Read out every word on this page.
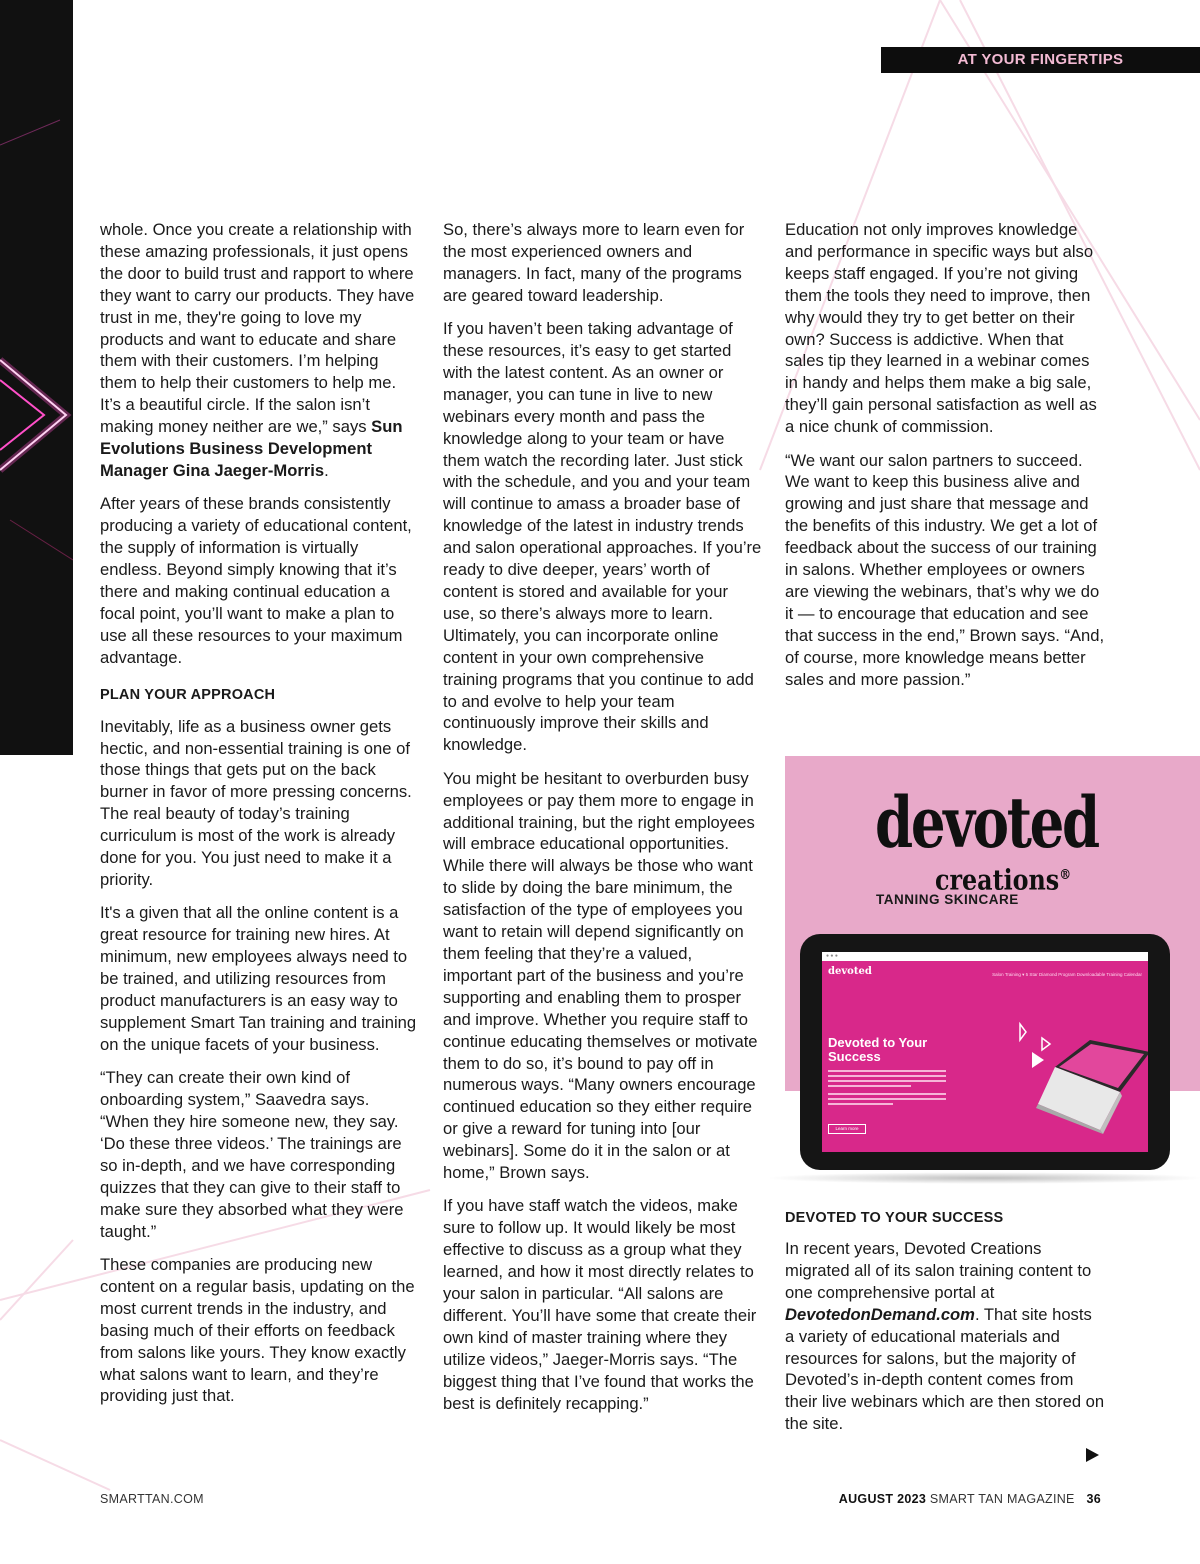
AT YOUR FINGERTIPS

whole. Once you create a relationship with these amazing professionals, it just opens the door to build trust and rapport to where they want to carry our products. They have trust in me, they're going to love my products and want to educate and share them with their customers. I’m helping them to help their customers to help me. It’s a beautiful circle. If the salon isn’t making money neither are we,” says Sun Evolutions Business Development Manager Gina Jaeger-Morris.

After years of these brands consistently producing a variety of educational content, the supply of information is virtually endless. Beyond simply knowing that it’s there and making continual education a focal point, you’ll want to make a plan to use all these resources to your maximum advantage.

PLAN YOUR APPROACH

Inevitably, life as a business owner gets hectic, and non-essential training is one of those things that gets put on the back burner in favor of more pressing concerns. The real beauty of today’s training curriculum is most of the work is already done for you. You just need to make it a priority.

It's a given that all the online content is a great resource for training new hires. At minimum, new employees always need to be trained, and utilizing resources from product manufacturers is an easy way to supplement Smart Tan training and training on the unique facets of your business.

“They can create their own kind of onboarding system,” Saavedra says. “When they hire someone new, they say. ‘Do these three videos.’ The trainings are so in-depth, and we have corresponding quizzes that they can give to their staff to make sure they absorbed what they were taught.”

These companies are producing new content on a regular basis, updating on the most current trends in the industry, and basing much of their efforts on feedback from salons like yours. They know exactly what salons want to learn, and they’re providing just that.

So, there’s always more to learn even for the most experienced owners and managers. In fact, many of the programs are geared toward leadership.

If you haven’t been taking advantage of these resources, it’s easy to get started with the latest content. As an owner or manager, you can tune in live to new webinars every month and pass the knowledge along to your team or have them watch the recording later. Just stick with the schedule, and you and your team will continue to amass a broader base of knowledge of the latest in industry trends and salon operational approaches. If you’re ready to dive deeper, years’ worth of content is stored and available for your use, so there’s always more to learn. Ultimately, you can incorporate online content in your own comprehensive training programs that you continue to add to and evolve to help your team continuously improve their skills and knowledge.

You might be hesitant to overburden busy employees or pay them more to engage in additional training, but the right employees will embrace educational opportunities. While there will always be those who want to slide by doing the bare minimum, the satisfaction of the type of employees you want to retain will depend significantly on them feeling that they’re a valued, important part of the business and you’re supporting and enabling them to prosper and improve. Whether you require staff to continue educating themselves or motivate them to do so, it’s bound to pay off in numerous ways. “Many owners encourage continued education so they either require or give a reward for tuning into [our webinars]. Some do it in the salon or at home,” Brown says.

If you have staff watch the videos, make sure to follow up. It would likely be most effective to discuss as a group what they learned, and how it most directly relates to your salon in particular. “All salons are different. You’ll have some that create their own kind of master training where they utilize videos,” Jaeger-Morris says. “The biggest thing that I’ve found that works the best is definitely recapping.”

Education not only improves knowledge and performance in specific ways but also keeps staff engaged. If you’re not giving them the tools they need to improve, then why would they try to get better on their own? Success is addictive. When that sales tip they learned in a webinar comes in handy and helps them make a big sale, they’ll gain personal satisfaction as well as a nice chunk of commission.

“We want our salon partners to succeed. We want to keep this business alive and growing and just share that message and the benefits of this industry. We get a lot of feedback about the success of our training in salons. Whether employees or owners are viewing the webinars, that’s why we do it — to encourage that education and see that success in the end,” Brown says. “And, of course, more knowledge means better sales and more passion.”

devoted
creations®
TANNING SKINCARE
● ● ●
devoted	Salon Training ▾ 5 Star Diamond Program Downloadable Training Calendar
Devoted to Your
Success
Learn more
DEVOTED TO YOUR SUCCESS

In recent years, Devoted Creations migrated all of its salon training content to one comprehensive portal at DevotedonDemand.com. That site hosts a variety of educational materials and resources for salons, but the majority of Devoted’s in-depth content comes from their live webinars which are then stored on the site.

SMARTTAN.COM	AUGUST 2023 SMART TAN MAGAZINE 36
